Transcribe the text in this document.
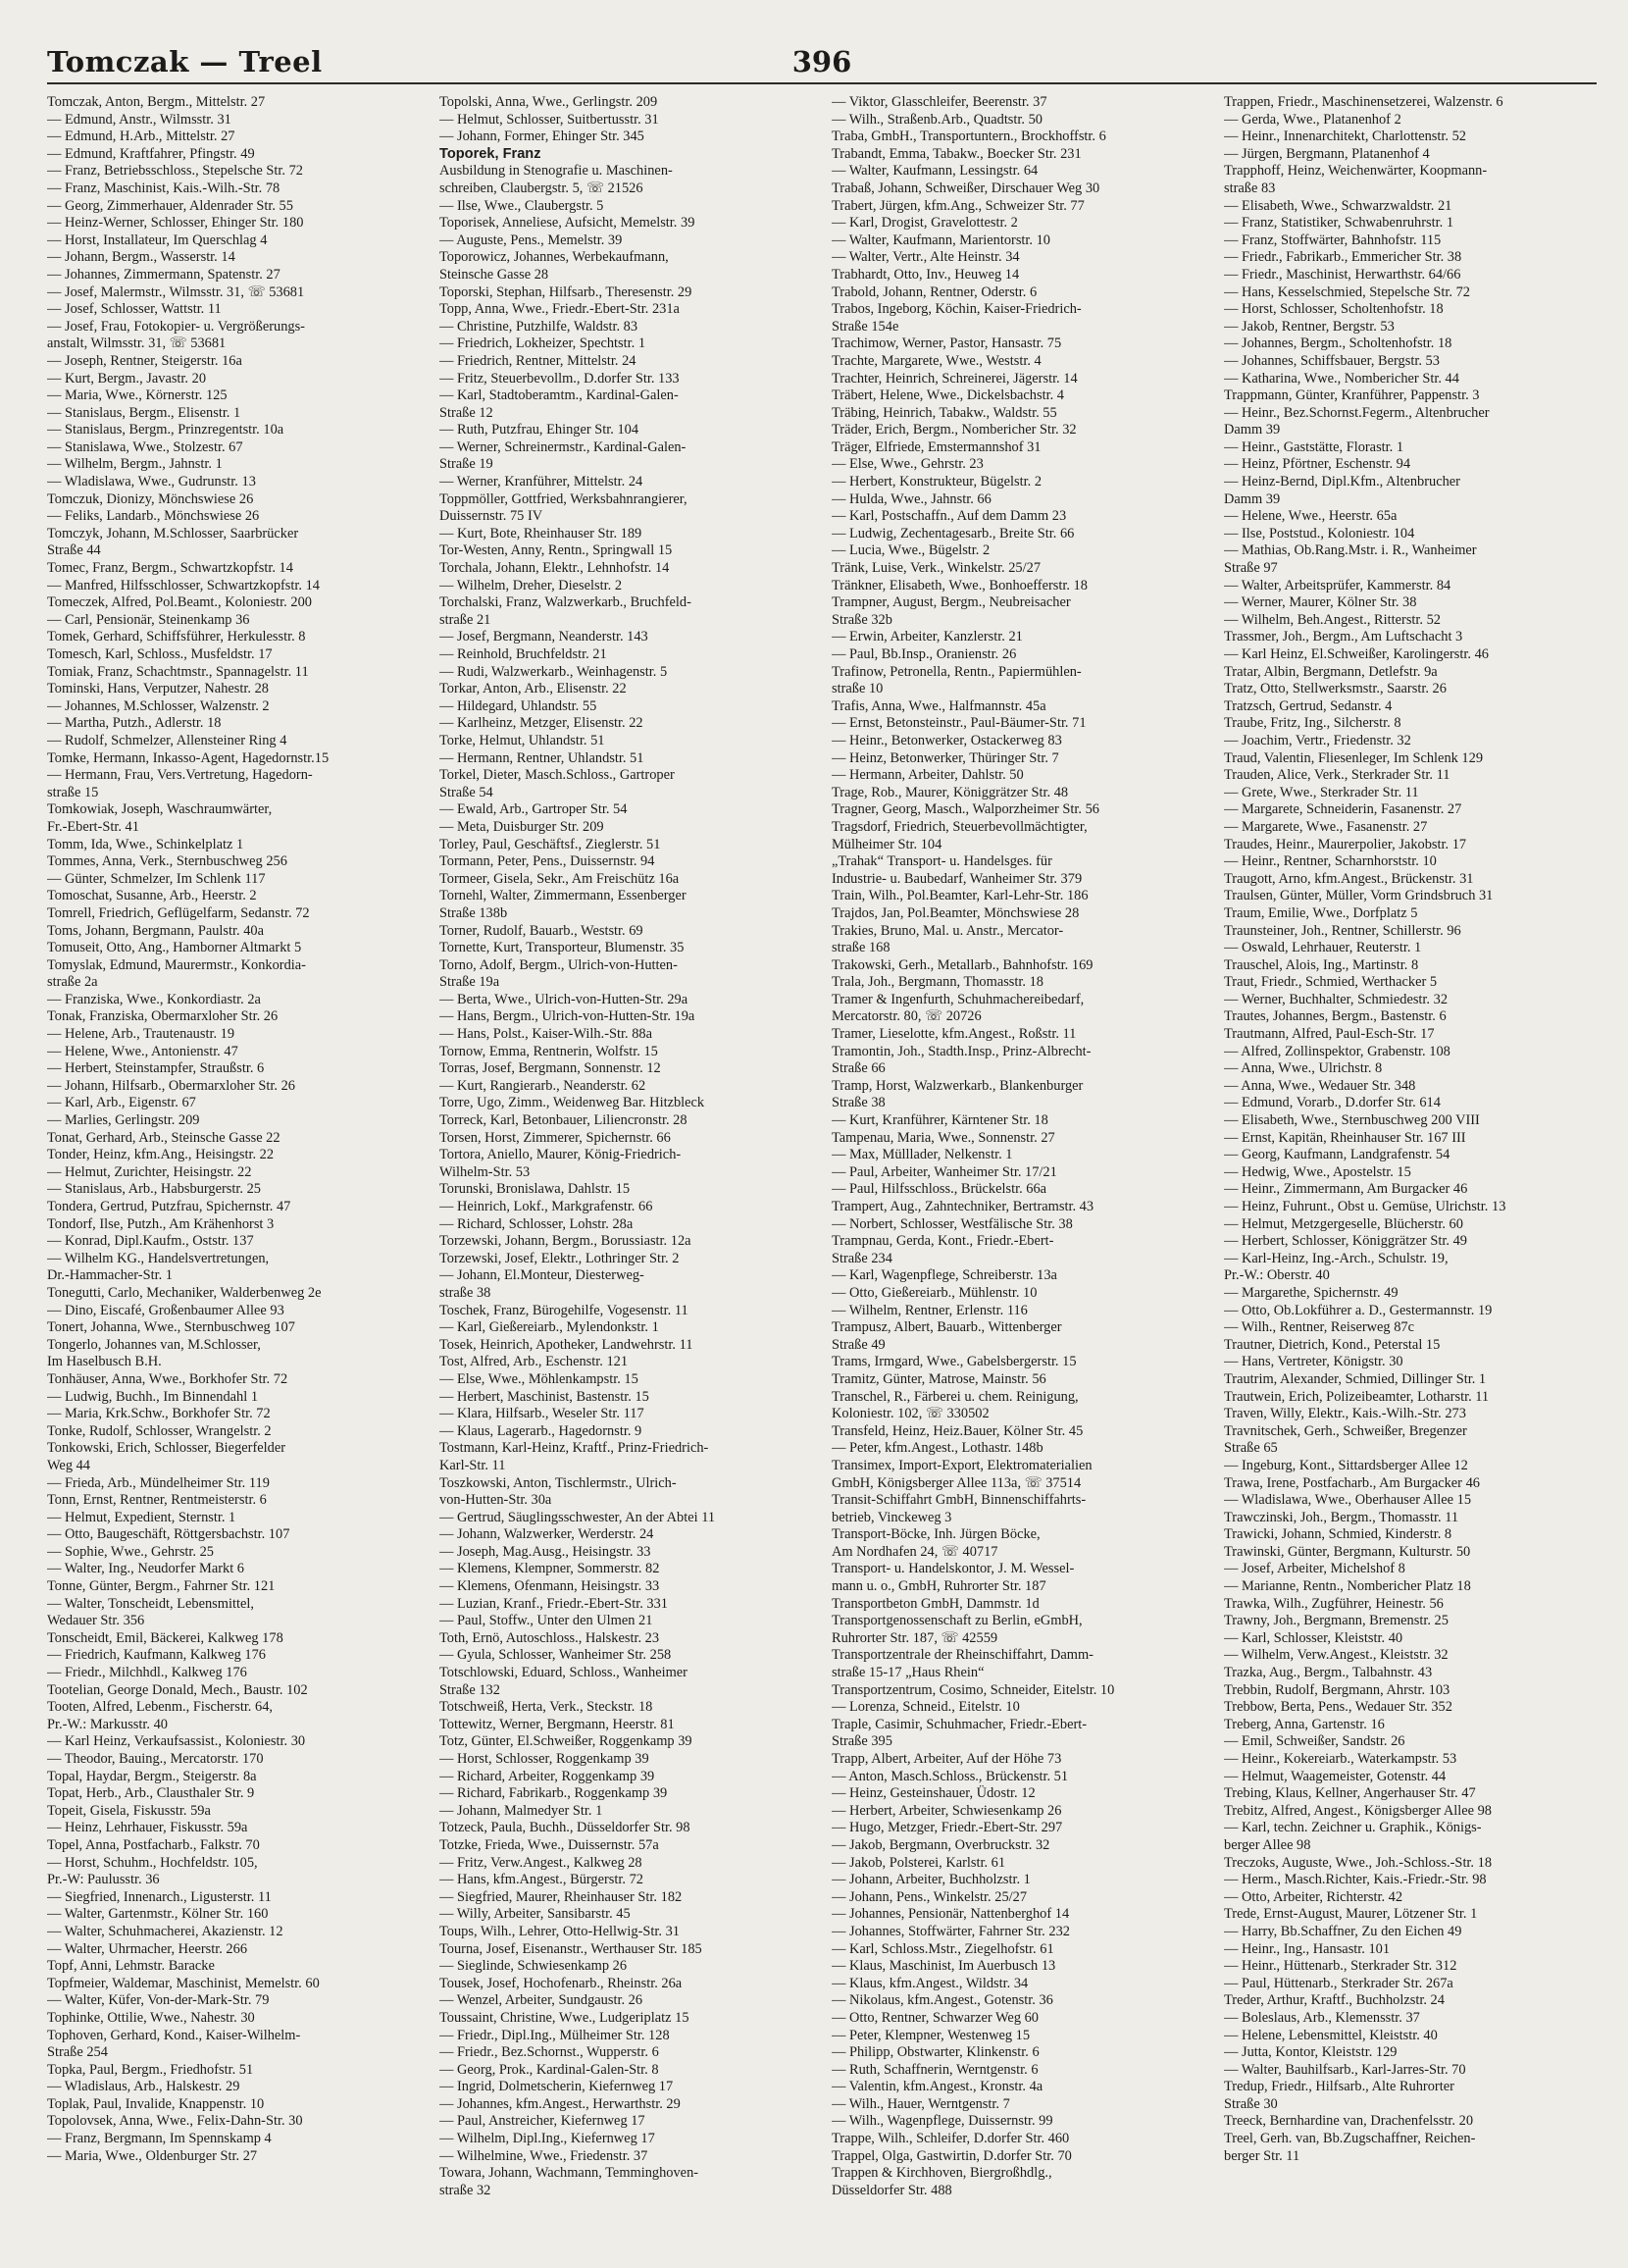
Tomczak — Treel	396
Tomczak, Anton, Bergm., Mittelstr. 27
— Edmund, Anstr., Wilmsstr. 31
— Edmund, H.Arb., Mittelstr. 27
— Edmund, Kraftfahrer, Pfingstr. 49
— Franz, Betriebsschloss., Stepelsche Str. 72
— Franz, Maschinist, Kais.-Wilh.-Str. 78
— Georg, Zimmerhauer, Aldenrader Str. 55
— Heinz-Werner, Schlosser, Ehinger Str. 180
— Horst, Installateur, Im Querschlag 4
— Johann, Bergm., Wasserstr. 14
— Johannes, Zimmermann, Spatenstr. 27
— Josef, Malermstr., Wilmsstr. 31, ☏ 53681
— Josef, Schlosser, Wattstr. 11
— Josef, Frau, Fotokopier- u. Vergrößerungs-
anstalt, Wilmsstr. 31, ☏ 53681
— Joseph, Rentner, Steigerstr. 16a
— Kurt, Bergm., Javastr. 20
— Maria, Wwe., Körnerstr. 125
— Stanislaus, Bergm., Elisenstr. 1
— Stanislaus, Bergm., Prinzregentstr. 10a
— Stanislawa, Wwe., Stolzestr. 67
— Wilhelm, Bergm., Jahnstr. 1
— Wladislawa, Wwe., Gudrunstr. 13
Tomczuk, Dionizy, Mönchswiese 26
— Feliks, Landarb., Mönchswiese 26
Tomczyk, Johann, M.Schlosser, Saarbrücker
Straße 44
Tomec, Franz, Bergm., Schwartzkopfstr. 14
— Manfred, Hilfsschlosser, Schwartzkopfstr. 14
Tomeczek, Alfred, Pol.Beamt., Koloniestr. 200
— Carl, Pensionär, Steinenkamp 36
Tomek, Gerhard, Schiffsführer, Herkulesstr. 8
Tomesch, Karl, Schloss., Musfeldstr. 17
Tomiak, Franz, Schachtmstr., Spannagelstr. 11
Tominski, Hans, Verputzer, Nahestr. 28
— Johannes, M.Schlosser, Walzenstr. 2
— Martha, Putzh., Adlerstr. 18
— Rudolf, Schmelzer, Allensteiner Ring 4
Tomke, Hermann, Inkasso-Agent, Hagedornstr.15
— Hermann, Frau, Vers.Vertretung, Hagedorn-
straße 15
Tomkowiak, Joseph, Waschraumwärter,
Fr.-Ebert-Str. 41
Tomm, Ida, Wwe., Schinkelplatz 1
Tommes, Anna, Verk., Sternbuschweg 256
— Günter, Schmelzer, Im Schlenk 117
Tomoschat, Susanne, Arb., Heerstr. 2
Tomrell, Friedrich, Geflügelfarm, Sedanstr. 72
Toms, Johann, Bergmann, Paulstr. 40a
Tomuseit, Otto, Ang., Hamborner Altmarkt 5
Tomyslak, Edmund, Maurermstr., Konkordia-
straße 2a
— Franziska, Wwe., Konkordiastr. 2a
Tonak, Franziska, Obermarxloher Str. 26
— Helene, Arb., Trautenaustr. 19
— Helene, Wwe., Antonienstr. 47
— Herbert, Steinstampfer, Straußstr. 6
— Johann, Hilfsarb., Obermarxloher Str. 26
— Karl, Arb., Eigenstr. 67
— Marlies, Gerlingstr. 209
Tonat, Gerhard, Arb., Steinsche Gasse 22
Tonder, Heinz, kfm.Ang., Heisingstr. 22
— Helmut, Zurichter, Heisingstr. 22
— Stanislaus, Arb., Habsburgerstr. 25
Tondera, Gertrud, Putzfrau, Spichernstr. 47
Tondorf, Ilse, Putzh., Am Krähenhorst 3
— Konrad, Dipl.Kaufm., Oststr. 137
— Wilhelm KG., Handelsvertretungen,
Dr.-Hammacher-Str. 1
Tonegutti, Carlo, Mechaniker, Walderbenweg 2e
— Dino, Eiscafé, Großenbaumer Allee 93
Tonert, Johanna, Wwe., Sternbuschweg 107
Tongerlo, Johannes van, M.Schlosser,
Im Haselbusch B.H.
Tonhäuser, Anna, Wwe., Borkhofer Str. 72
— Ludwig, Buchh., Im Binnendahl 1
— Maria, Krk.Schw., Borkhofer Str. 72
Tonke, Rudolf, Schlosser, Wrangelstr. 2
Tonkowski, Erich, Schlosser, Biegerfelder
Weg 44
— Frieda, Arb., Mündelheimer Str. 119
Tonn, Ernst, Rentner, Rentmeisterstr. 6
— Helmut, Expedient, Sternstr. 1
— Otto, Baugeschäft, Röttgersbachstr. 107
— Sophie, Wwe., Gehrstr. 25
— Walter, Ing., Neudorfer Markt 6
Tonne, Günter, Bergm., Fahrner Str. 121
— Walter, Tonscheidt, Lebensmittel,
Wedauer Str. 356
Tonscheidt, Emil, Bäckerei, Kalkweg 178
— Friedrich, Kaufmann, Kalkweg 176
— Friedr., Milchhdl., Kalkweg 176
Tootelian, George Donald, Mech., Baustr. 102
Tooten, Alfred, Lebenm., Fischerstr. 64,
Pr.-W.: Markusstr. 40
— Karl Heinz, Verkaufsassist., Koloniestr. 30
— Theodor, Bauing., Mercatorstr. 170
Topal, Haydar, Bergm., Steigerstr. 8a
Topat, Herb., Arb., Clausthaler Str. 9
Topeit, Gisela, Fiskusstr. 59a
— Heinz, Lehrhauer, Fiskusstr. 59a
Topel, Anna, Postfacharb., Falkstr. 70
— Horst, Schuhm., Hochfeldstr. 105,
Pr.-W: Paulusstr. 36
— Siegfried, Innenarch., Ligusterstr. 11
— Walter, Gartenmstr., Kölner Str. 160
— Walter, Schuhmacherei, Akazienstr. 12
— Walter, Uhrmacher, Heerstr. 266
Topf, Anni, Lehmstr. Baracke
Topfmeier, Waldemar, Maschinist, Memelstr. 60
— Walter, Küfer, Von-der-Mark-Str. 79
Tophinke, Ottilie, Wwe., Nahestr. 30
Tophoven, Gerhard, Kond., Kaiser-Wilhelm-
Straße 254
Topka, Paul, Bergm., Friedhofstr. 51
— Wladislaus, Arb., Halskestr. 29
Toplak, Paul, Invalide, Knappenstr. 10
Topolovsek, Anna, Wwe., Felix-Dahn-Str. 30
— Franz, Bergmann, Im Spennskamp 4
— Maria, Wwe., Oldenburger Str. 27
Topolski, Anna, Wwe., Gerlingstr. 209
— Helmut, Schlosser, Suitbertusstr. 31
— Johann, Former, Ehinger Str. 345
Toporek, Franz
Ausbildung in Stenografie u. Maschinen-
schreiben, Claubergstr. 5, ☏ 21526
— Ilse, Wwe., Claubergstr. 5
Toporisek, Anneliese, Aufsicht, Memelstr. 39
— Auguste, Pens., Memelstr. 39
Toporowicz, Johannes, Werbekaufmann,
Steinsche Gasse 28
Toporski, Stephan, Hilfsarb., Theresenstr. 29
Topp, Anna, Wwe., Friedr.-Ebert-Str. 231a
— Christine, Putzhilfe, Waldstr. 83
— Friedrich, Lokheizer, Spechtstr. 1
— Friedrich, Rentner, Mittelstr. 24
— Fritz, Steuerbevollm., D.dorfer Str. 133
— Karl, Stadtoberamtm., Kardinal-Galen-
Straße 12
— Ruth, Putzfrau, Ehinger Str. 104
— Werner, Schreinermstr., Kardinal-Galen-
Straße 19
— Werner, Kranführer, Mittelstr. 24
Toppmöller, Gottfried, Werksbahnrangierer,
Duissernstr. 75 IV
— Kurt, Bote, Rheinhauser Str. 189
Tor-Westen, Anny, Rentn., Springwall 15
Torchala, Johann, Elektr., Lehnhofstr. 14
— Wilhelm, Dreher, Dieselstr. 2
Torchalski, Franz, Walzwerkarb., Bruchfeld-
straße 21
— Josef, Bergmann, Neanderstr. 143
— Reinhold, Bruchfeldstr. 21
— Rudi, Walzwerkarb., Weinhagenstr. 5
Torkar, Anton, Arb., Elisenstr. 22
— Hildegard, Uhlandstr. 55
— Karlheinz, Metzger, Elisenstr. 22
Torke, Helmut, Uhlandstr. 51
— Hermann, Rentner, Uhlandstr. 51
Torkel, Dieter, Masch.Schloss., Gartroper
Straße 54
— Ewald, Arb., Gartroper Str. 54
— Meta, Duisburger Str. 209
Torley, Paul, Geschäftsf., Zieglerstr. 51
Tormann, Peter, Pens., Duissernstr. 94
Tormeer, Gisela, Sekr., Am Freischütz 16a
Tornehl, Walter, Zimmermann, Essenberger
Straße 138b
Torner, Rudolf, Bauarb., Weststr. 69
Tornette, Kurt, Transporteur, Blumenstr. 35
Torno, Adolf, Bergm., Ulrich-von-Hutten-
Straße 19a
— Berta, Wwe., Ulrich-von-Hutten-Str. 29a
— Hans, Bergm., Ulrich-von-Hutten-Str. 19a
— Hans, Polst., Kaiser-Wilh.-Str. 88a
Tornow, Emma, Rentnerin, Wolfstr. 15
Torras, Josef, Bergmann, Sonnenstr. 12
— Kurt, Rangierarb., Neanderstr. 62
Torre, Ugo, Zimm., Weidenweg Bar. Hitzbleck
Torreck, Karl, Betonbauer, Liliencronstr. 28
Torsen, Horst, Zimmerer, Spichernstr. 66
Tortora, Aniello, Maurer, König-Friedrich-
Wilhelm-Str. 53
Torunski, Bronislawa, Dahlstr. 15
— Heinrich, Lokf., Markgrafenstr. 66
— Richard, Schlosser, Lohstr. 28a
Torzewski, Johann, Bergm., Borussiastr. 12a
Torzewski, Josef, Elektr., Lothringer Str. 2
— Johann, El.Monteur, Diesterweg-
straße 38
Toschek, Franz, Bürogehilfe, Vogesenstr. 11
— Karl, Gießereiarb., Mylendonkstr. 1
Tosek, Heinrich, Apotheker, Landwehrstr. 11
Tost, Alfred, Arb., Eschenstr. 121
— Else, Wwe., Möhlenkampstr. 15
— Herbert, Maschinist, Bastenstr. 15
— Klara, Hilfsarb., Weseler Str. 117
— Klaus, Lagerarb., Hagedornstr. 9
Tostmann, Karl-Heinz, Kraftf., Prinz-Friedrich-
Karl-Str. 11
Toszkowski, Anton, Tischlermstr., Ulrich-
von-Hutten-Str. 30a
— Gertrud, Säuglingsschwester, An der Abtei 11
— Johann, Walzwerker, Werderstr. 24
— Joseph, Mag.Ausg., Heisingstr. 33
— Klemens, Klempner, Sommerstr. 82
— Klemens, Ofenmann, Heisingstr. 33
— Luzian, Kranf., Friedr.-Ebert-Str. 331
— Paul, Stoffw., Unter den Ulmen 21
Toth, Ernö, Autoschloss., Halskestr. 23
— Gyula, Schlosser, Wanheimer Str. 258
Totschlowski, Eduard, Schloss., Wanheimer
Straße 132
Totschweiß, Herta, Verk., Steckstr. 18
Tottewitz, Werner, Bergmann, Heerstr. 81
Totz, Günter, El.Schweißer, Roggenkamp 39
— Horst, Schlosser, Roggenkamp 39
— Richard, Arbeiter, Roggenkamp 39
— Richard, Fabrikarb., Roggenkamp 39
— Johann, Malmedyer Str. 1
Totzeck, Paula, Buchh., Düsseldorfer Str. 98
Totzke, Frieda, Wwe., Duissernstr. 57a
— Fritz, Verw.Angest., Kalkweg 28
— Hans, kfm.Angest., Bürgerstr. 72
— Siegfried, Maurer, Rheinhauser Str. 182
— Willy, Arbeiter, Sansibarstr. 45
Toups, Wilh., Lehrer, Otto-Hellwig-Str. 31
Tourna, Josef, Eisenanstr., Werthauser Str. 185
— Sieglinde, Schwiesenkamp 26
Tousek, Josef, Hochofenarb., Rheinstr. 26a
— Wenzel, Arbeiter, Sundgaustr. 26
Toussaint, Christine, Wwe., Ludgeriplatz 15
— Friedr., Dipl.Ing., Mülheimer Str. 128
— Friedr., Bez.Schornst., Wupperstr. 6
— Georg, Prok., Kardinal-Galen-Str. 8
— Ingrid, Dolmetscherin, Kiefernweg 17
— Johannes, kfm.Angest., Herwarthstr. 29
— Paul, Anstreicher, Kiefernweg 17
— Wilhelm, Dipl.Ing., Kiefernweg 17
— Wilhelmine, Wwe., Friedenstr. 37
Towara, Johann, Wachmann, Temminghoven-
straße 32
— Viktor, Glasschleifer, Beerenstr. 37
— Wilh., Straßenb.Arb., Quadtstr. 50
Traba, GmbH., Transportuntern., Brockhoffstr. 6
Trabandt, Emma, Tabakw., Boecker Str. 231
— Walter, Kaufmann, Lessingstr. 64
Trabaß, Johann, Schweißer, Dirschauer Weg 30
Trabert, Jürgen, kfm.Ang., Schweizer Str. 77
— Karl, Drogist, Gravelottestr. 2
— Walter, Kaufmann, Marientorstr. 10
— Walter, Vertr., Alte Heinstr. 34
Trabhardt, Otto, Inv., Heuweg 14
Trabold, Johann, Rentner, Oderstr. 6
Trabos, Ingeborg, Köchin, Kaiser-Friedrich-
Straße 154e
Trachimow, Werner, Pastor, Hansastr. 75
Trachte, Margarete, Wwe., Weststr. 4
Trachter, Heinrich, Schreinerei, Jägerstr. 14
Träbert, Helene, Wwe., Dickelsbachstr. 4
Träbing, Heinrich, Tabakw., Waldstr. 55
Träder, Erich, Bergm., Nombericher Str. 32
Träger, Elfriede, Emstermannshof 31
— Else, Wwe., Gehrstr. 23
— Herbert, Konstrukteur, Bügelstr. 2
— Hulda, Wwe., Jahnstr. 66
— Karl, Postschaffn., Auf dem Damm 23
— Ludwig, Zechentagesarb., Breite Str. 66
— Lucia, Wwe., Bügelstr. 2
Tränk, Luise, Verk., Winkelstr. 25/27
Tränkner, Elisabeth, Wwe., Bonhoefferstr. 18
Trampner, August, Bergm., Neubreisacher
Straße 32b
— Erwin, Arbeiter, Kanzlerstr. 21
— Paul, Bb.Insp., Oranienstr. 26
Trafinow, Petronella, Rentn., Papiermühlen-
straße 10
Trafis, Anna, Wwe., Halfmannstr. 45a
— Ernst, Betonsteinstr., Paul-Bäumer-Str. 71
— Heinr., Betonwerker, Ostackerweg 83
— Heinz, Betonwerker, Thüringer Str. 7
— Hermann, Arbeiter, Dahlstr. 50
Trage, Rob., Maurer, Königgrätzer Str. 48
Tragner, Georg, Masch., Walporzheimer Str. 56
Tragsdorf, Friedrich, Steuerbevollmächtigter,
Mülheimer Str. 104
„Trahak“ Transport- u. Handelsges. für
Industrie- u. Baubedarf, Wanheimer Str. 379
Train, Wilh., Pol.Beamter, Karl-Lehr-Str. 186
Trajdos, Jan, Pol.Beamter, Mönchswiese 28
Trakies, Bruno, Mal. u. Anstr., Mercator-
straße 168
Trakowski, Gerh., Metallarb., Bahnhofstr. 169
Trala, Joh., Bergmann, Thomasstr. 18
Tramer & Ingenfurth, Schuhmachereibedarf,
Mercatorstr. 80, ☏ 20726
Tramer, Lieselotte, kfm.Angest., Roßstr. 11
Tramontin, Joh., Stadth.Insp., Prinz-Albrecht-
Straße 66
Tramp, Horst, Walzwerkarb., Blankenburger
Straße 38
— Kurt, Kranführer, Kärntener Str. 18
Tampenau, Maria, Wwe., Sonnenstr. 27
— Max, Mülllader, Nelkenstr. 1
— Paul, Arbeiter, Wanheimer Str. 17/21
— Paul, Hilfsschloss., Brückelstr. 66a
Trampert, Aug., Zahntechniker, Bertramstr. 43
— Norbert, Schlosser, Westfälische Str. 38
Trampnau, Gerda, Kont., Friedr.-Ebert-
Straße 234
— Karl, Wagenpflege, Schreiberstr. 13a
— Otto, Gießereiarb., Mühlenstr. 10
— Wilhelm, Rentner, Erlenstr. 116
Trampusz, Albert, Bauarb., Wittenberger
Straße 49
Trams, Irmgard, Wwe., Gabelsbergerstr. 15
Tramitz, Günter, Matrose, Mainstr. 56
Transchel, R., Färberei u. chem. Reinigung,
Koloniestr. 102, ☏ 330502
Transfeld, Heinz, Heiz.Bauer, Kölner Str. 45
— Peter, kfm.Angest., Lothastr. 148b
Transimex, Import-Export, Elektromaterialien
GmbH, Königsberger Allee 113a, ☏ 37514
Transit-Schiffahrt GmbH, Binnenschiffahrts-
betrieb, Vinckeweg 3
Transport-Böcke, Inh. Jürgen Böcke,
Am Nordhafen 24, ☏ 40717
Transport- u. Handelskontor, J. M. Wessel-
mann u. o., GmbH, Ruhrorter Str. 187
Transportbeton GmbH, Dammstr. 1d
Transportgenossenschaft zu Berlin, eGmbH,
Ruhrorter Str. 187, ☏ 42559
Transportzentrale der Rheinschiffahrt, Damm-
straße 15-17 „Haus Rhein“
Transportzentrum, Cosimo, Schneider, Eitelstr. 10
— Lorenza, Schneid., Eitelstr. 10
Traple, Casimir, Schuhmacher, Friedr.-Ebert-
Straße 395
Trapp, Albert, Arbeiter, Auf der Höhe 73
— Anton, Masch.Schloss., Brückenstr. 51
— Heinz, Gesteinshauer, Üdostr. 12
— Herbert, Arbeiter, Schwiesenkamp 26
— Hugo, Metzger, Friedr.-Ebert-Str. 297
— Jakob, Bergmann, Overbruckstr. 32
— Jakob, Polsterei, Karlstr. 61
— Johann, Arbeiter, Buchholzstr. 1
— Johann, Pens., Winkelstr. 25/27
— Johannes, Pensionär, Nattenberghof 14
— Johannes, Stoffwärter, Fahrner Str. 232
— Karl, Schloss.Mstr., Ziegelhofstr. 61
— Klaus, Maschinist, Im Auerbusch 13
— Klaus, kfm.Angest., Wildstr. 34
— Nikolaus, kfm.Angest., Gotenstr. 36
— Otto, Rentner, Schwarzer Weg 60
— Peter, Klempner, Westenweg 15
— Philipp, Obstwarter, Klinkenstr. 6
— Ruth, Schaffnerin, Werntgenstr. 6
— Valentin, kfm.Angest., Kronstr. 4a
— Wilh., Hauer, Werntgenstr. 7
— Wilh., Wagenpflege, Duissernstr. 99
Trappe, Wilh., Schleifer, D.dorfer Str. 460
Trappel, Olga, Gastwirtin, D.dorfer Str. 70
Trappen & Kirchhoven, Biergroßhdlg.,
Düsseldorfer Str. 488
Trappen, Friedr., Maschinensetzerei, Walzenstr. 6
— Gerda, Wwe., Platanenhof 2
— Heinr., Innenarchitekt, Charlottenstr. 52
— Jürgen, Bergmann, Platanenhof 4
Trapphoff, Heinz, Weichenwärter, Koopmann-
straße 83
— Elisabeth, Wwe., Schwarzwaldstr. 21
— Franz, Statistiker, Schwabenruhrstr. 1
— Franz, Stoffwärter, Bahnhofstr. 115
— Friedr., Fabrikarb., Emmericher Str. 38
— Friedr., Maschinist, Herwarthstr. 64/66
— Hans, Kesselschmied, Stepelsche Str. 72
— Horst, Schlosser, Scholtenhofstr. 18
— Jakob, Rentner, Bergstr. 53
— Johannes, Bergm., Scholtenhofstr. 18
— Johannes, Schiffsbauer, Bergstr. 53
— Katharina, Wwe., Nombericher Str. 44
Trappmann, Günter, Kranführer, Pappenstr. 3
— Heinr., Bez.Schornst.Fegerm., Altenbrucher
Damm 39
— Heinr., Gaststätte, Florastr. 1
— Heinz, Pförtner, Eschenstr. 94
— Heinz-Bernd, Dipl.Kfm., Altenbrucher
Damm 39
— Helene, Wwe., Heerstr. 65a
— Ilse, Poststud., Koloniestr. 104
— Mathias, Ob.Rang.Mstr. i. R., Wanheimer
Straße 97
— Walter, Arbeitsprüfer, Kammerstr. 84
— Werner, Maurer, Kölner Str. 38
— Wilhelm, Beh.Angest., Ritterstr. 52
Trassmer, Joh., Bergm., Am Luftschacht 3
— Karl Heinz, El.Schweißer, Karolingerstr. 46
Tratar, Albin, Bergmann, Detlefstr. 9a
Tratz, Otto, Stellwerksmstr., Saarstr. 26
Tratzsch, Gertrud, Sedanstr. 4
Traube, Fritz, Ing., Silcherstr. 8
— Joachim, Vertr., Friedenstr. 32
Traud, Valentin, Fliesenleger, Im Schlenk 129
Trauden, Alice, Verk., Sterkrader Str. 11
— Grete, Wwe., Sterkrader Str. 11
— Margarete, Schneiderin, Fasanenstr. 27
— Margarete, Wwe., Fasanenstr. 27
Traudes, Heinr., Maurerpolier, Jakobstr. 17
— Heinr., Rentner, Scharnhorststr. 10
Traugott, Arno, kfm.Angest., Brückenstr. 31
Traulsen, Günter, Müller, Vorm Grindsbruch 31
Traum, Emilie, Wwe., Dorfplatz 5
Traunsteiner, Joh., Rentner, Schillerstr. 96
— Oswald, Lehrhauer, Reuterstr. 1
Trauschel, Alois, Ing., Martinstr. 8
Traut, Friedr., Schmied, Werthacker 5
— Werner, Buchhalter, Schmiedestr. 32
Trautes, Johannes, Bergm., Bastenstr. 6
Trautmann, Alfred, Paul-Esch-Str. 17
— Alfred, Zollinspektor, Grabenstr. 108
— Anna, Wwe., Ulrichstr. 8
— Anna, Wwe., Wedauer Str. 348
— Edmund, Vorarb., D.dorfer Str. 614
— Elisabeth, Wwe., Sternbuschweg 200 VIII
— Ernst, Kapitän, Rheinhauser Str. 167 III
— Georg, Kaufmann, Landgrafenstr. 54
— Hedwig, Wwe., Apostelstr. 15
— Heinr., Zimmermann, Am Burgacker 46
— Heinz, Fuhrunt., Obst u. Gemüse, Ulrichstr. 13
— Helmut, Metzgergeselle, Blücherstr. 60
— Herbert, Schlosser, Königgrätzer Str. 49
— Karl-Heinz, Ing.-Arch., Schulstr. 19,
Pr.-W.: Oberstr. 40
— Margarethe, Spichernstr. 49
— Otto, Ob.Lokführer a. D., Gestermannstr. 19
— Wilh., Rentner, Reiserweg 87c
Trautner, Dietrich, Kond., Peterstal 15
— Hans, Vertreter, Königstr. 30
Trautrim, Alexander, Schmied, Dillinger Str. 1
Trautwein, Erich, Polizeibeamter, Lotharstr. 11
Traven, Willy, Elektr., Kais.-Wilh.-Str. 273
Travnitschek, Gerh., Schweißer, Bregenzer
Straße 65
— Ingeburg, Kont., Sittardsberger Allee 12
Trawa, Irene, Postfacharb., Am Burgacker 46
— Wladislawa, Wwe., Oberhauser Allee 15
Trawczinski, Joh., Bergm., Thomasstr. 11
Trawicki, Johann, Schmied, Kinderstr. 8
Trawinski, Günter, Bergmann, Kulturstr. 50
— Josef, Arbeiter, Michelshof 8
— Marianne, Rentn., Nombericher Platz 18
Trawka, Wilh., Zugführer, Heinestr. 56
Trawny, Joh., Bergmann, Bremenstr. 25
— Karl, Schlosser, Kleiststr. 40
— Wilhelm, Verw.Angest., Kleiststr. 32
Trazka, Aug., Bergm., Talbahnstr. 43
Trebbin, Rudolf, Bergmann, Ahrstr. 103
Trebbow, Berta, Pens., Wedauer Str. 352
Treberg, Anna, Gartenstr. 16
— Emil, Schweißer, Sandstr. 26
— Heinr., Kokereiarb., Waterkampstr. 53
— Helmut, Waagemeister, Gotenstr. 44
Trebing, Klaus, Kellner, Angerhauser Str. 47
Trebitz, Alfred, Angest., Königsberger Allee 98
— Karl, techn. Zeichner u. Graphik., Königs-
berger Allee 98
Treczoks, Auguste, Wwe., Joh.-Schloss.-Str. 18
— Herm., Masch.Richter, Kais.-Friedr.-Str. 98
— Otto, Arbeiter, Richterstr. 42
Trede, Ernst-August, Maurer, Lötzener Str. 1
— Harry, Bb.Schaffner, Zu den Eichen 49
— Heinr., Ing., Hansastr. 101
— Heinr., Hüttenarb., Sterkrader Str. 312
— Paul, Hüttenarb., Sterkrader Str. 267a
Treder, Arthur, Kraftf., Buchholzstr. 24
— Boleslaus, Arb., Klemensstr. 37
— Helene, Lebensmittel, Kleiststr. 40
— Jutta, Kontor, Kleiststr. 129
— Walter, Bauhilfsarb., Karl-Jarres-Str. 70
Tredup, Friedr., Hilfsarb., Alte Ruhrorter
Straße 30
Treeck, Bernhardine van, Drachenfelsstr. 20
Treel, Gerh. van, Bb.Zugschaffner, Reichen-
berger Str. 11
